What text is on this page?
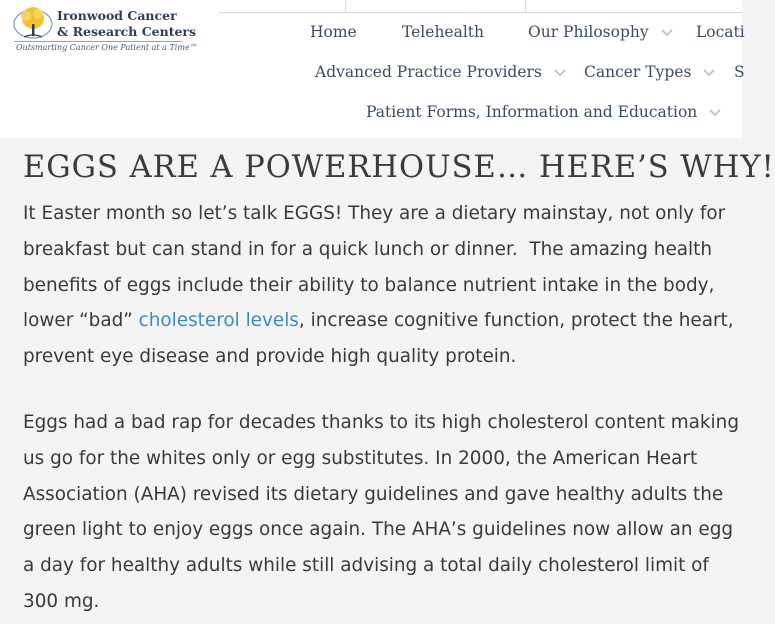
Ironwood Cancer
& Research Centers
Outsmarting Cancer One Patient at a Time™
Home	Telehealth	Our Philosophy	Locati
Advanced Practice Providers	Cancer Types	S
Patient Forms, Information and Education
EGGS ARE A POWERHOUSE… HERE’S WHY!

It Easter month so let’s talk EGGS! They are a dietary mainstay, not only for breakfast but can stand in for a quick lunch or dinner.  The amazing health benefits of eggs include their ability to balance nutrient intake in the body, lower “bad” cholesterol levels, increase cognitive function, protect the heart, prevent eye disease and provide high quality protein.

Eggs had a bad rap for decades thanks to its high cholesterol content making us go for the whites only or egg substitutes. In 2000, the American Heart Association (AHA) revised its dietary guidelines and gave healthy adults the green light to enjoy eggs once again. The AHA’s guidelines now allow an egg a day for healthy adults while still advising a total daily cholesterol limit of 300 mg.
